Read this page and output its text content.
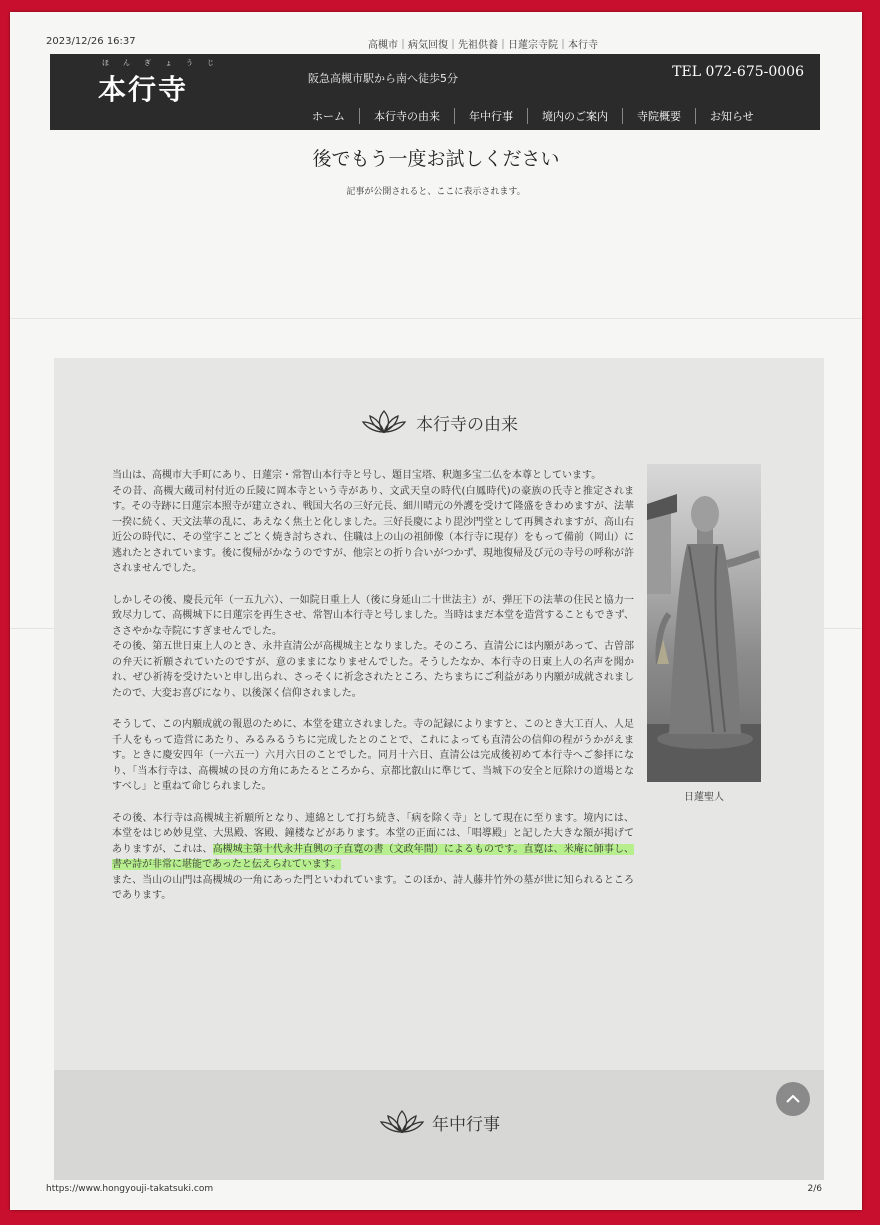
2023/12/26 16:37	高槻市｜病気回復｜先祖供養｜日蓮宗寺院｜本行寺
ほんぎょうじ
本行寺	阪急高槻市駅から南へ徒歩5分	TEL 072-675-0006
ホーム	本行寺の由来	年中行事	境内のご案内	寺院概要	お知らせ
後でもう一度お試しください
記事が公開されると、ここに表示されます。
本行寺の由来

当山は、高槻市大手町にあり、日蓮宗・常智山本行寺と号し、題目宝塔、釈迦多宝二仏を本尊としています。
その昔、高槻大蔵司村付近の丘陵に岡本寺という寺があり、文武天皇の時代(白鳳時代)の豪族の氏寺と推定されます。その寺跡に日蓮宗本照寺が建立され、戦国大名の三好元長、細川晴元の外護を受けて隆盛をきわめますが、法華一揆に続く、天文法華の乱に、あえなく焦土と化しました。三好長慶により毘沙門堂として再興されますが、高山右近公の時代に、その堂宇ことごとく焼き討ちされ、住職は上の山の祖師像（本行寺に現存）をもって備前（岡山）に逃れたとされています。後に復帰がかなうのですが、他宗との折り合いがつかず、現地復帰及び元の寺号の呼称が許されませんでした。

しかしその後、慶長元年（一五九六）、一如院日重上人（後に身延山二十世法主）が、弾圧下の法華の住民と協力一致尽力して、高槻城下に日蓮宗を再生させ、常智山本行寺と号しました。当時はまだ本堂を造営することもできず、ささやかな寺院にすぎませんでした。
その後、第五世日東上人のとき、永井直清公が高槻城主となりました。そのころ、直清公には内願があって、古曽部の弁天に祈願されていたのですが、意のままになりませんでした。そうしたなか、本行寺の日東上人の名声を聞かれ、ぜひ祈祷を受けたいと申し出られ、さっそくに祈念されたところ、たちまちにご利益があり内願が成就されましたので、大変お喜びになり、以後深く信仰されました。

そうして、この内願成就の報恩のために、本堂を建立されました。寺の記録によりますと、このとき大工百人、人足千人をもって造営にあたり、みるみるうちに完成したとのことで、これによっても直清公の信仰の程がうかがえます。ときに慶安四年（一六五一）六月六日のことでした。同月十六日、直清公は完成後初めて本行寺へご参拝になり、「当本行寺は、高槻城の艮の方角にあたるところから、京都比叡山に準じて、当城下の安全と厄除けの道場となすべし」と重ねて命じられました。

その後、本行寺は高槻城主祈願所となり、連綿として打ち続き、「病を除く寺」として現在に至ります。境内には、本堂をはじめ妙見堂、大黒殿、客殿、鐘楼などがあります。本堂の正面には、「唱導殿」と記した大きな額が掲げてありますが、これは、高槻城主第十代永井直興の子直寛の書（文政年間）によるものです。直寛は、米庵に師事し、書や詩が非常に堪能であったと伝えられています。
また、当山の山門は高槻城の一角にあった門といわれています。このほか、詩人藤井竹外の墓が世に知られるところであります。

日蓮聖人
年中行事
https://www.hongyouji-takatsuki.com	2/6
